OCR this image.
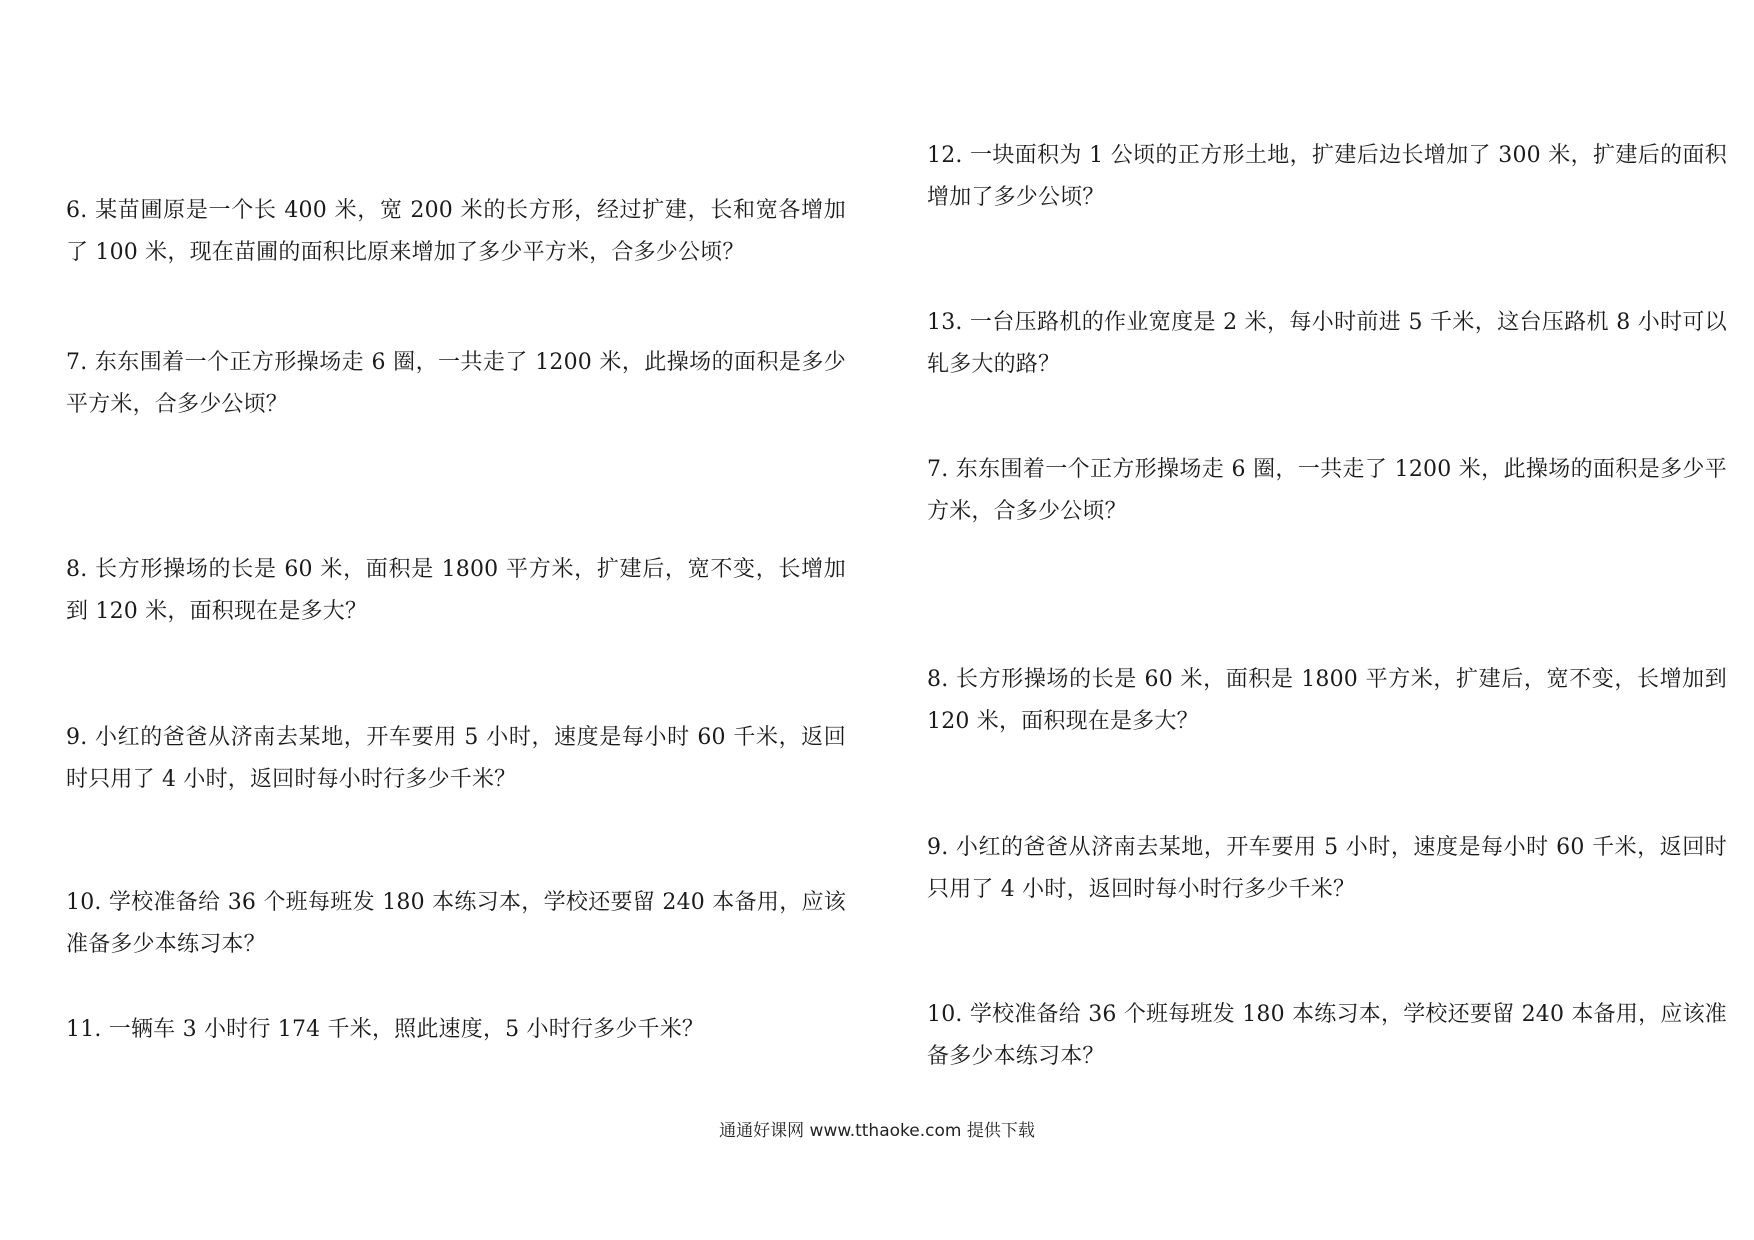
6. 某苗圃原是一个长 400 米，宽 200 米的长方形，经过扩建，长和宽各增加了 100 米，现在苗圃的面积比原来增加了多少平方米，合多少公顷？

7. 东东围着一个正方形操场走 6 圈，一共走了 1200 米，此操场的面积是多少平方米，合多少公顷？

8. 长方形操场的长是 60 米，面积是 1800 平方米，扩建后，宽不变，长增加到 120 米，面积现在是多大？

9. 小红的爸爸从济南去某地，开车要用 5 小时，速度是每小时 60 千米，返回时只用了 4 小时，返回时每小时行多少千米？

10. 学校准备给 36 个班每班发 180 本练习本，学校还要留 240 本备用，应该准备多少本练习本？

11. 一辆车 3 小时行 174 千米，照此速度，5 小时行多少千米？

12. 一块面积为 1 公顷的正方形土地，扩建后边长增加了 300 米，扩建后的面积增加了多少公顷？

13. 一台压路机的作业宽度是 2 米，每小时前进 5 千米，这台压路机 8 小时可以轧多大的路？

7. 东东围着一个正方形操场走 6 圈，一共走了 1200 米，此操场的面积是多少平方米，合多少公顷？

8. 长方形操场的长是 60 米，面积是 1800 平方米，扩建后，宽不变，长增加到 120 米，面积现在是多大？

9. 小红的爸爸从济南去某地，开车要用 5 小时，速度是每小时 60 千米，返回时只用了 4 小时，返回时每小时行多少千米？

10. 学校准备给 36 个班每班发 180 本练习本，学校还要留 240 本备用，应该准备多少本练习本？

通通好课网 www.tthaoke.com 提供下载
